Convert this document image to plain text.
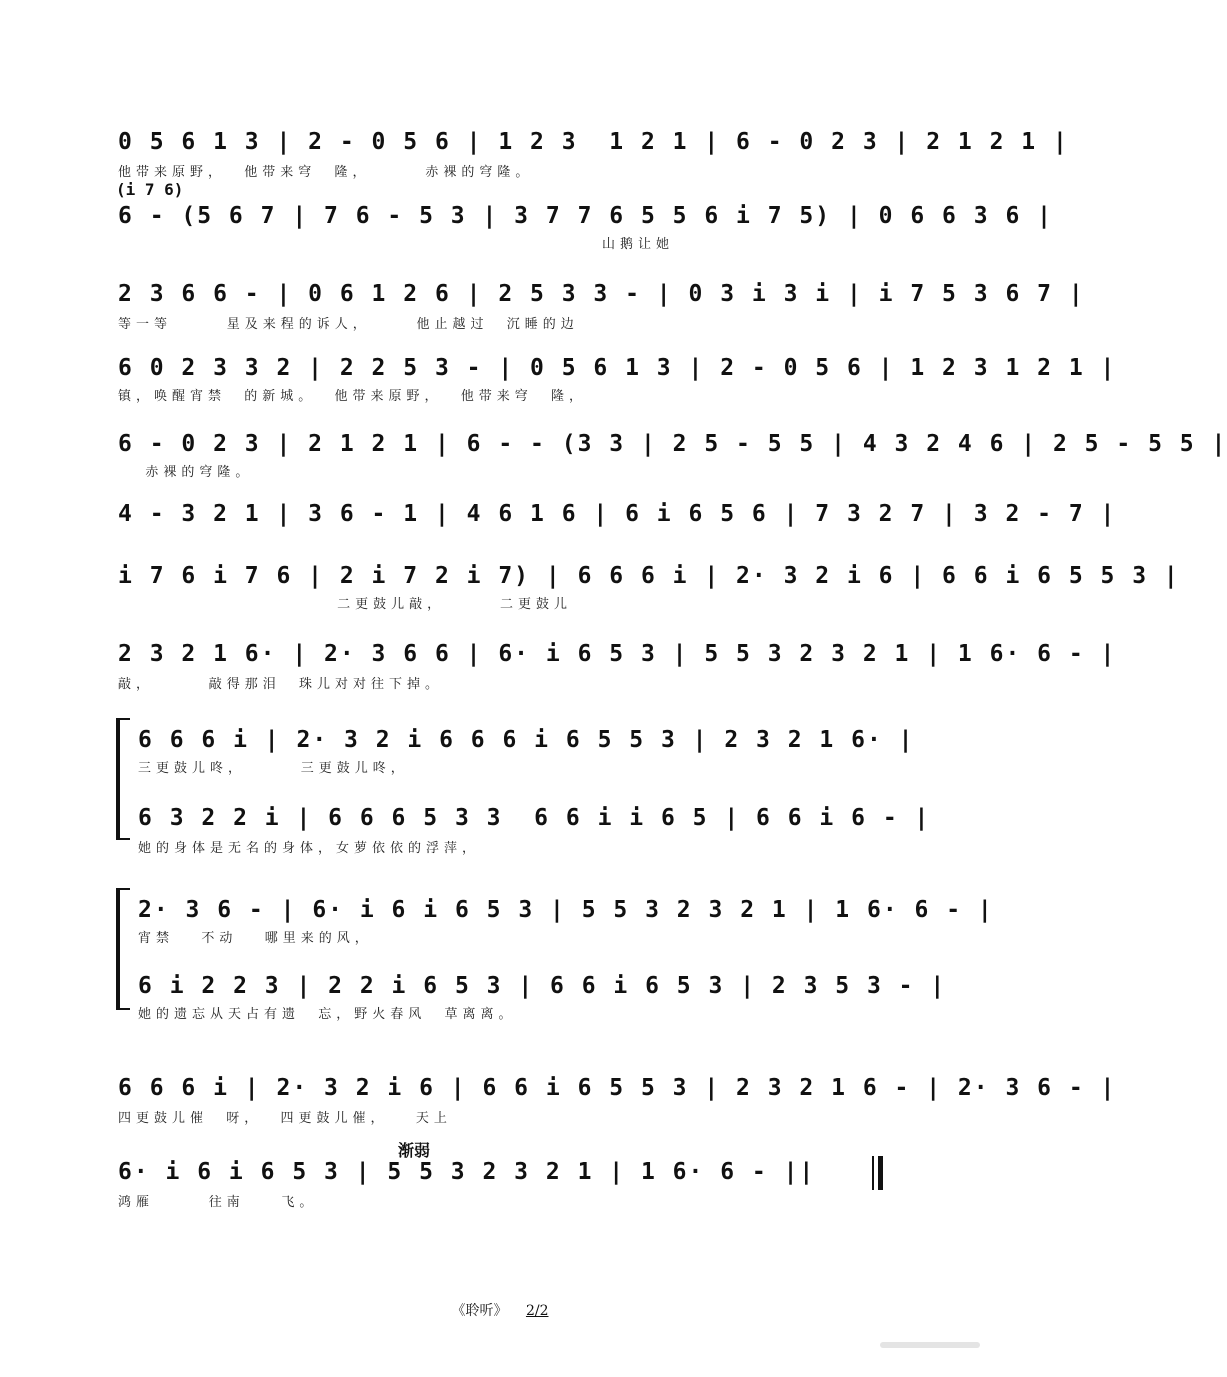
0 5 6 1 3 | 2 - 0 5 6 | 1 2 3  1 2 1 | 6 - 0 2 3 | 2 1 2 1 |
他带来原野，  他带来穹  隆，      赤裸的穹隆。
(i 7 6)
6 - (5 6 7 | 7 6 - 5 3 | 3 7 7 6 5 5 6 i 7 5) | 0 6 6 3 6 |
山鹅让她
2 3 6 6 - | 0 6 1 2 6 | 2 5 3 3 - | 0 3 i 3 i | i 7 5 3 6 7 |
等一等      星及来程的诉人，     他止越过  沉睡的边
6 0 2 3 3 2 | 2 2 5 3 - | 0 5 6 1 3 | 2 - 0 5 6 | 1 2 3 1 2 1 |
镇，唤醒宵禁  的新城。  他带来原野，  他带来穹  隆，
6 - 0 2 3 | 2 1 2 1 | 6 - - (3 3 | 2 5 - 5 5 | 4 3 2 4 6 | 2 5 - 5 5 |
赤裸的穹隆。
4 - 3 2 1 | 3 6 - 1 | 4 6 1 6 | 6 i 6 5 6 | 7 3 2 7 | 3 2 - 7 |
i 7 6 i 7 6 | 2 i 7 2 i 7) | 6 6 6 i | 2· 3 2 i 6 | 6 6 i 6 5 5 3 |
二更鼓儿敲，      二更鼓儿
2 3 2 1 6· | 2· 3 6 6 | 6· i 6 5 3 | 5 5 3 2 3 2 1 | 1 6· 6 - |
敲，      敲得那泪  珠儿对对往下掉。
6 6 6 i | 2· 3 2 i 6 6 6 i 6 5 5 3 | 2 3 2 1 6· |
三更鼓儿咚，      三更鼓儿咚，
6 3 2 2 i | 6 6 6 5 3 3  6 6 i i 6 5 | 6 6 i 6 - |
她的身体是无名的身体，女萝依依的浮萍，
2· 3 6 - | 6· i 6 i 6 5 3 | 5 5 3 2 3 2 1 | 1 6· 6 - |
宵禁   不动   哪里来的风，
6 i 2 2 3 | 2 2 i 6 5 3 | 6 6 i 6 5 3 | 2 3 5 3 - |
她的遗忘从天占有遗  忘，野火春风  草离离。
6 6 6 i | 2· 3 2 i 6 | 6 6 i 6 5 5 3 | 2 3 2 1 6 - | 2· 3 6 - |
四更鼓儿催  呀，  四更鼓儿催，   天上
渐弱
6· i 6 i 6 5 3 | 5 5 3 2 3 2 1 | 1 6· 6 - ||
鸿雁      往南    飞。
《聆听》 2/2
